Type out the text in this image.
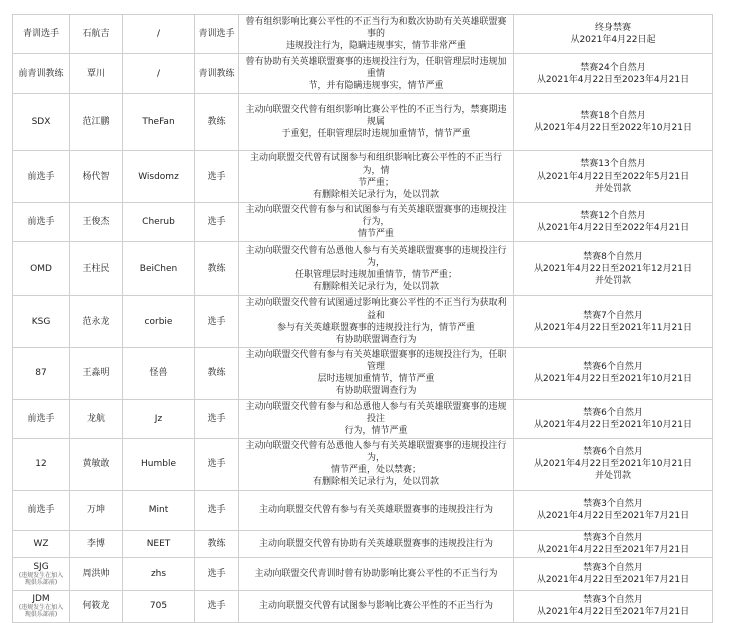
青训选手	石航吉	/	青训选手	曾有组织影响比赛公平性的不正当行为和数次协助有关英雄联盟赛事的
违规投注行为，隐瞒违规事实，情节非常严重	终身禁赛
从2021年4月22日起

前青训教练	覃川	/	青训教练	曾有协助有关英雄联盟赛事的违规投注行为，任职管理层时违规加重情
节，并有隐瞒违规事实，情节严重	禁赛24个自然月
从2021年4月22日至2023年4月21日

SDX	范江鹏	TheFan	教练	主动向联盟交代曾有组织影响比赛公平性的不正当行为，禁赛期违规属
于重犯，任职管理层时违规加重情节，情节严重	禁赛18个自然月
从2021年4月22日至2022年10月21日

前选手	杨代智	Wisdomz	选手	主动向联盟交代曾有试图参与和组织影响比赛公平性的不正当行为，情
节严重；
有删除相关记录行为，处以罚款	禁赛13个自然月
从2021年4月22日至2022年5月21日
并处罚款

前选手	王俊杰	Cherub	选手	主动向联盟交代曾有参与和试图参与有关英雄联盟赛事的违规投注行为，
情节严重	禁赛12个自然月
从2021年4月22日至2022年4月21日

OMD	王柱民	BeiChen	教练	主动向联盟交代曾有怂恿他人参与有关英雄联盟赛事的违规投注行为，
任职管理层时违规加重情节，情节严重；
有删除相关记录行为，处以罚款	禁赛8个自然月
从2021年4月22日至2021年12月21日
并处罚款

KSG	范永龙	corbie	选手	主动向联盟交代曾有试图通过影响比赛公平性的不正当行为获取利益和
参与有关英雄联盟赛事的违规投注行为，情节严重
有协助联盟调查行为	禁赛7个自然月
从2021年4月22日至2021年11月21日

87	王淼明	怪兽	教练	主动向联盟交代曾有参与有关英雄联盟赛事的违规投注行为，任职管理
层时违规加重情节，情节严重
有协助联盟调查行为	禁赛6个自然月
从2021年4月22日至2021年10月21日

前选手	龙航	Jz	选手	主动向联盟交代曾有参与和怂恿他人参与有关英雄联盟赛事的违规投注
行为，情节严重	禁赛6个自然月
从2021年4月22日至2021年10月21日

12	黄敏敢	Humble	选手	主动向联盟交代曾有怂恿他人参与有关英雄联盟赛事的违规投注行为，
情节严重，处以禁赛；
有删除相关记录行为，处以罚款	禁赛6个自然月
从2021年4月22日至2021年10月21日
并处罚款

前选手	万坤	Mint	选手	主动向联盟交代曾有参与有关英雄联盟赛事的违规投注行为	禁赛3个自然月
从2021年4月22日至2021年7月21日

WZ	李博	NEET	教练	主动向联盟交代曾有协助有关英雄联盟赛事的违规投注行为	禁赛3个自然月
从2021年4月22日至2021年7月21日

SJG
(违规发生在加入现俱乐部前)	周洪帅	zhs	选手	主动向联盟交代青训时曾有协助影响比赛公平性的不正当行为	禁赛3个自然月
从2021年4月22日至2021年7月21日

JDM
(违规发生在加入现俱乐部前)	何筱龙	705	选手	主动向联盟交代曾有试图参与影响比赛公平性的不正当行为	禁赛3个自然月
从2021年4月22日至2021年7月21日
